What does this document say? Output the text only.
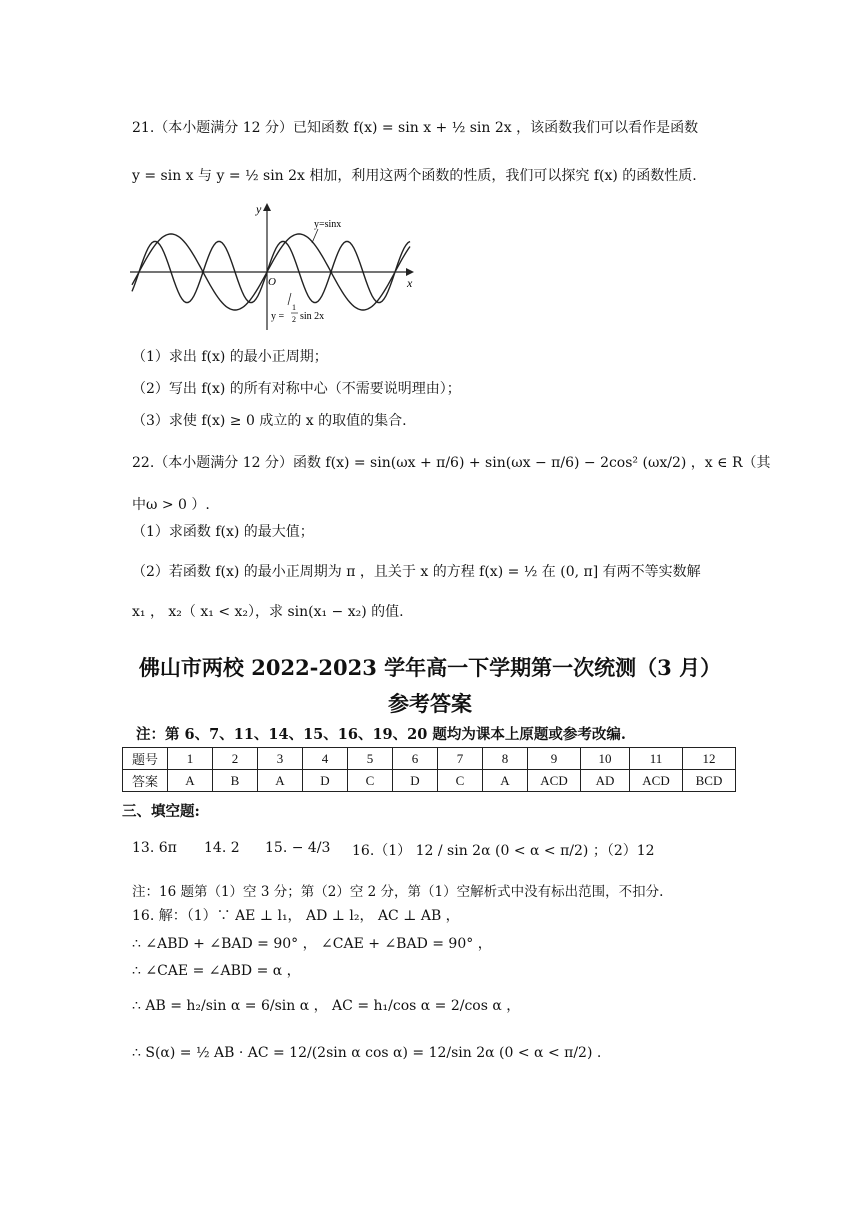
21.（本小题满分 12 分）已知函数 f(x) = sin x + ½ sin 2x ，该函数我们可以看作是函数
y = sin x 与 y = ½ sin 2x 相加，利用这两个函数的性质，我们可以探究 f(x) 的函数性质.
y
x
O
y=sinx
y =
1
2 sin 2x
（1）求出 f(x) 的最小正周期；
（2）写出 f(x) 的所有对称中心（不需要说明理由）；
（3）求使 f(x) ≥ 0 成立的 x 的取值的集合.
22.（本小题满分 12 分）函数 f(x) = sin(ωx + π/6) + sin(ωx − π/6) − 2cos² (ωx/2) ，x ∈ R（其
中ω > 0 ）.
（1）求函数 f(x) 的最大值；
（2）若函数 f(x) 的最小正周期为 π ，且关于 x 的方程 f(x) = ½ 在 (0, π] 有两不等实数解
x₁ ， x₂（ x₁ < x₂），求 sin(x₁ − x₂) 的值.
佛山市两校 2022-2023 学年高一下学期第一次统测（3 月）
参考答案
注：第 6、7、11、14、15、16、19、20 题均为课本上原题或参考改编.
题号	1	2	3	4	5	6	7	8	9	10	11	12
答案	A	B	A	D	C	D	C	A	ACD	AD	ACD	BCD
三、填空题:
13. 6π 14. 2 15. − 4/3 16.（1） 12 / sin 2α (0 < α < π/2) ；（2）12
注：16 题第（1）空 3 分；第（2）空 2 分，第（1）空解析式中没有标出范围，不扣分.
16. 解：（1）∵ AE ⊥ l₁， AD ⊥ l₂， AC ⊥ AB ，
∴ ∠ABD + ∠BAD = 90° ， ∠CAE + ∠BAD = 90° ，
∴ ∠CAE = ∠ABD = α ，
∴ AB = h₂/sin α = 6/sin α ， AC = h₁/cos α = 2/cos α ，
∴ S(α) = ½ AB · AC = 12/(2sin α cos α) = 12/sin 2α (0 < α < π/2) .
